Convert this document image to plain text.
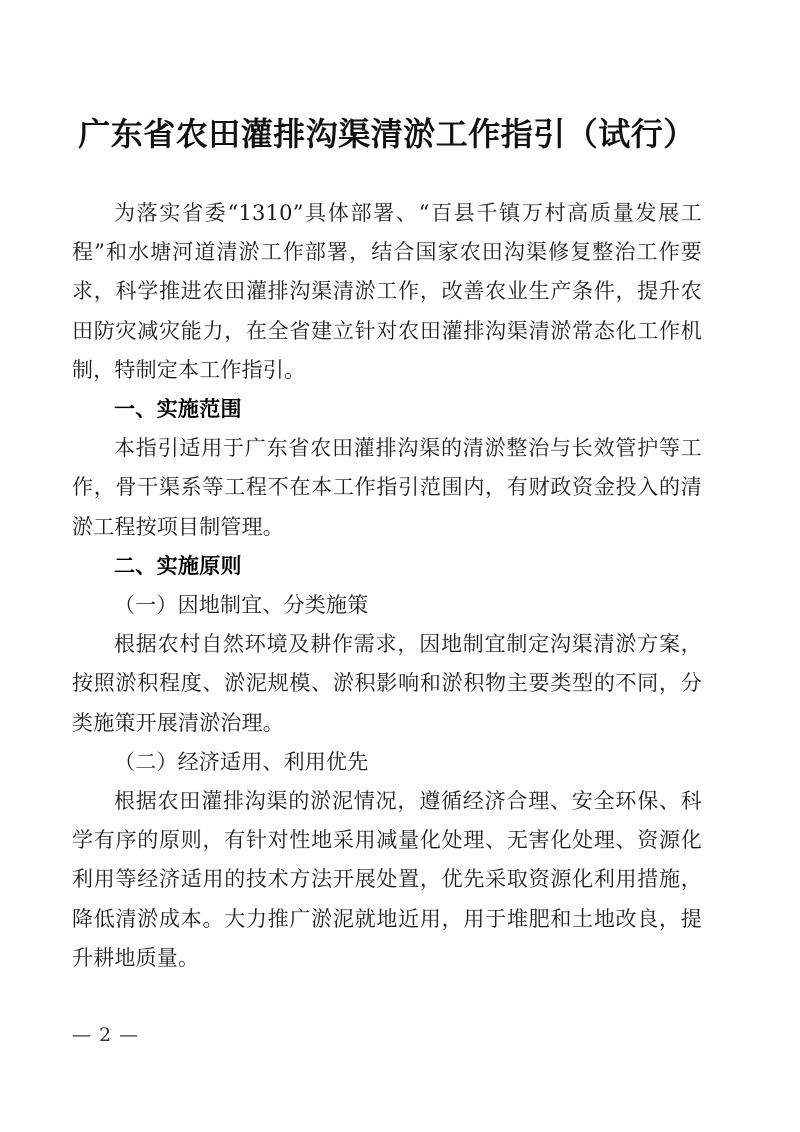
广东省农田灌排沟渠清淤工作指引（试行）

为落实省委“1310”具体部署、“百县千镇万村高质量发展工程”和水塘河道清淤工作部署，结合国家农田沟渠修复整治工作要求，科学推进农田灌排沟渠清淤工作，改善农业生产条件，提升农田防灾减灾能力，在全省建立针对农田灌排沟渠清淤常态化工作机制，特制定本工作指引。

一、实施范围

本指引适用于广东省农田灌排沟渠的清淤整治与长效管护等工作，骨干渠系等工程不在本工作指引范围内，有财政资金投入的清淤工程按项目制管理。

二、实施原则
（一）因地制宜、分类施策

根据农村自然环境及耕作需求，因地制宜制定沟渠清淤方案，按照淤积程度、淤泥规模、淤积影响和淤积物主要类型的不同，分类施策开展清淤治理。

（二）经济适用、利用优先

根据农田灌排沟渠的淤泥情况，遵循经济合理、安全环保、科学有序的原则，有针对性地采用减量化处理、无害化处理、资源化利用等经济适用的技术方法开展处置，优先采取资源化利用措施，降低清淤成本。大力推广淤泥就地近用，用于堆肥和土地改良，提升耕地质量。

— 2 —
